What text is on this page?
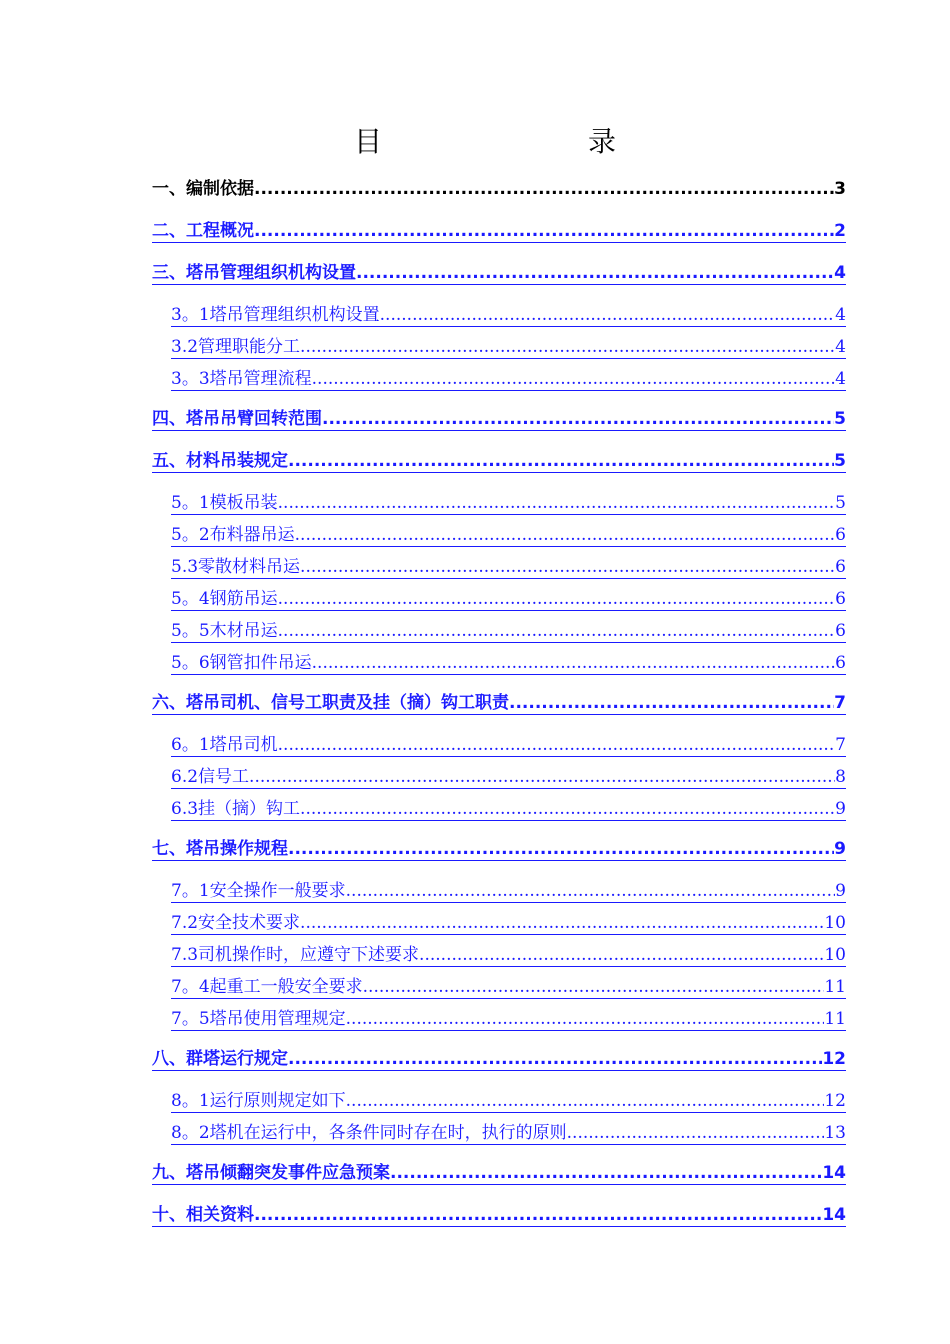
目　　录
一、编制依据 .....	3
二、工程概况 .....	2
三、塔吊管理组织机构设置 .....	4
3。1塔吊管理组织机构设置 .....	4
3.2管理职能分工 .....	4
3。3塔吊管理流程 .....	4
四、塔吊吊臂回转范围 .....	5
五、材料吊装规定 .....	5
5。1模板吊装 .....	5
5。2布料器吊运 .....	6
5.3零散材料吊运 .....	6
5。4钢筋吊运 .....	6
5。5木材吊运 .....	6
5。6钢管扣件吊运 .....	6
六、塔吊司机、信号工职责及挂（摘）钩工职责 .....	7
6。1塔吊司机 .....	7
6.2信号工 .....	8
6.3挂（摘）钩工 .....	9
七、塔吊操作规程 .....	9
7。1安全操作一般要求 .....	9
7.2安全技术要求 .....	10
7.3司机操作时，应遵守下述要求 .....	10
7。4起重工一般安全要求 .....	11
7。5塔吊使用管理规定 .....	11
八、群塔运行规定 .....	12
8。1运行原则规定如下 .....	12
8。2塔机在运行中，各条件同时存在时，执行的原则 .....	13
九、塔吊倾翻突发事件应急预案 .....	14
十、相关资料 .....	14
